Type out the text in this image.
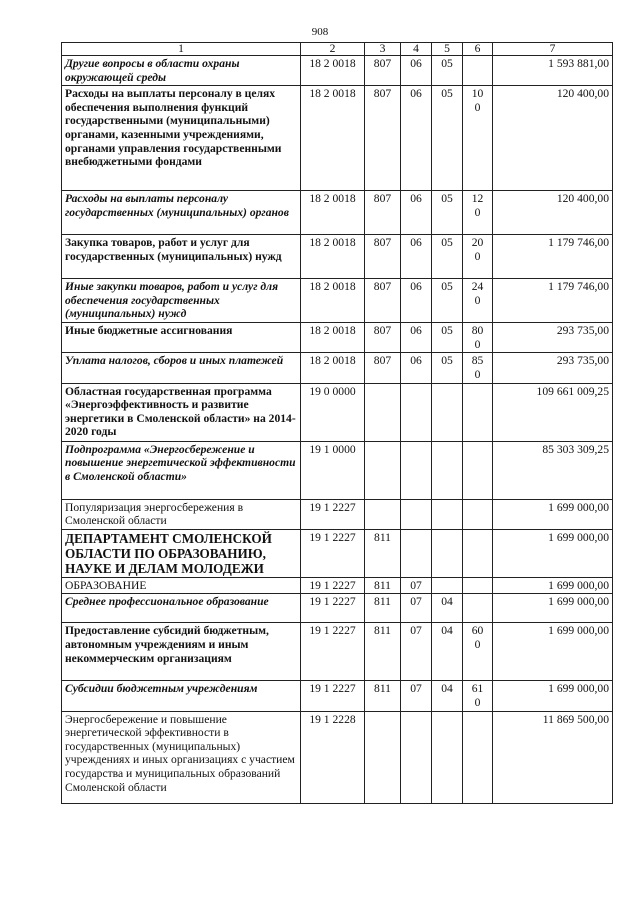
908
1	2	3	4	5	6	7
Другие вопросы в области охраны окружающей среды	18 2 0018	807	06	05		1 593 881,00
Расходы на выплаты персоналу в целях обеспечения выполнения функций государственными (муниципальными) органами, казенными учреждениями, органами управления государственными внебюджетными фондами	18 2 0018	807	06	05	100	120 400,00
Расходы на выплаты персоналу государственных (муниципальных) органов	18 2 0018	807	06	05	120	120 400,00
Закупка товаров, работ и услуг для государственных (муниципальных) нужд	18 2 0018	807	06	05	200	1 179 746,00
Иные закупки товаров, работ и услуг для обеспечения государственных (муниципальных) нужд	18 2 0018	807	06	05	240	1 179 746,00
Иные бюджетные ассигнования	18 2 0018	807	06	05	800	293 735,00
Уплата налогов, сборов и иных платежей	18 2 0018	807	06	05	850	293 735,00
Областная государственная программа «Энергоэффективность и развитие энергетики в Смоленской области» на 2014-2020 годы	19 0 0000					109 661 009,25
Подпрограмма «Энергосбережение и повышение энергетической эффективности в Смоленской области»	19 1 0000					85 303 309,25
Популяризация энергосбережения в Смоленской области	19 1 2227					1 699 000,00
ДЕПАРТАМЕНТ СМОЛЕНСКОЙ ОБЛАСТИ ПО ОБРАЗОВАНИЮ, НАУКЕ И ДЕЛАМ МОЛОДЕЖИ	19 1 2227	811				1 699 000,00
ОБРАЗОВАНИЕ	19 1 2227	811	07			1 699 000,00
Среднее профессиональное образование	19 1 2227	811	07	04		1 699 000,00
Предоставление субсидий бюджетным, автономным учреждениям и иным некоммерческим организациям	19 1 2227	811	07	04	600	1 699 000,00
Субсидии бюджетным учреждениям	19 1 2227	811	07	04	610	1 699 000,00
Энергосбережение и повышение энергетической эффективности в государственных (муниципальных) учреждениях и иных организациях с участием государства и муниципальных образований Смоленской области	19 1 2228					11 869 500,00
